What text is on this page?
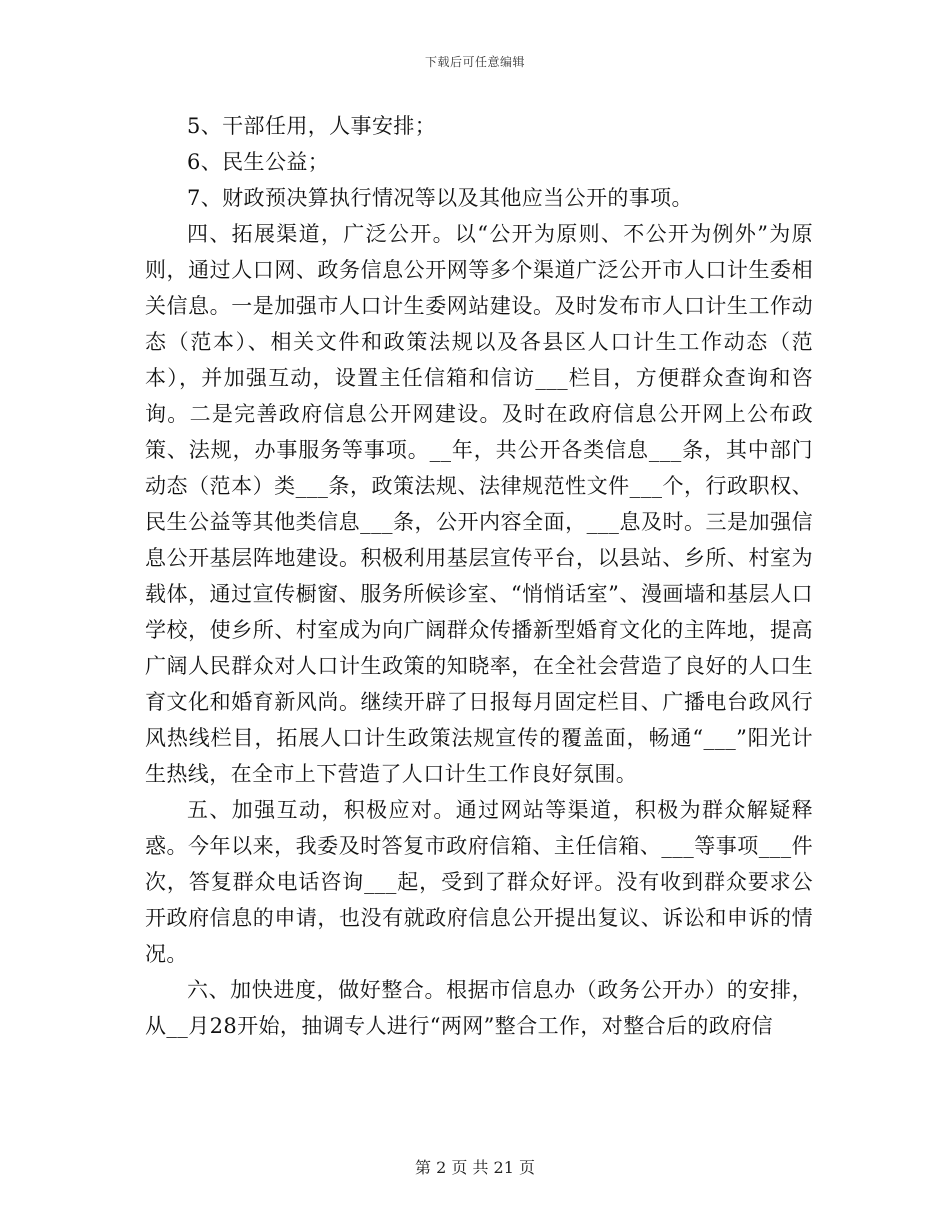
下载后可任意编辑

5、干部任用，人事安排；

6、民生公益；

7、财政预决算执行情况等以及其他应当公开的事项。

四、拓展渠道，广泛公开。以“公开为原则、不公开为例外”为原则，通过人口网、政务信息公开网等多个渠道广泛公开市人口计生委相关信息。一是加强市人口计生委网站建设。及时发布市人口计生工作动态（范本）、相关文件和政策法规以及各县区人口计生工作动态（范本），并加强互动，设置主任信箱和信访___栏目，方便群众查询和咨询。二是完善政府信息公开网建设。及时在政府信息公开网上公布政策、法规，办事服务等事项。__年，共公开各类信息___条，其中部门动态（范本）类___条，政策法规、法律规范性文件___个，行政职权、民生公益等其他类信息___条，公开内容全面，___息及时。三是加强信息公开基层阵地建设。积极利用基层宣传平台，以县站、乡所、村室为载体，通过宣传橱窗、服务所候诊室、“悄悄话室”、漫画墙和基层人口学校，使乡所、村室成为向广阔群众传播新型婚育文化的主阵地，提高广阔人民群众对人口计生政策的知晓率，在全社会营造了良好的人口生育文化和婚育新风尚。继续开辟了日报每月固定栏目、广播电台政风行风热线栏目，拓展人口计生政策法规宣传的覆盖面，畅通“___”阳光计生热线，在全市上下营造了人口计生工作良好氛围。

五、加强互动，积极应对。通过网站等渠道，积极为群众解疑释惑。今年以来，我委及时答复市政府信箱、主任信箱、___等事项___件次，答复群众电话咨询___起，受到了群众好评。没有收到群众要求公开政府信息的申请，也没有就政府信息公开提出复议、诉讼和申诉的情况。

六、加快进度，做好整合。根据市信息办（政务公开办）的安排，从__月28开始，抽调专人进行“两网”整合工作，对整合后的政府信

第 2 页 共 21 页
